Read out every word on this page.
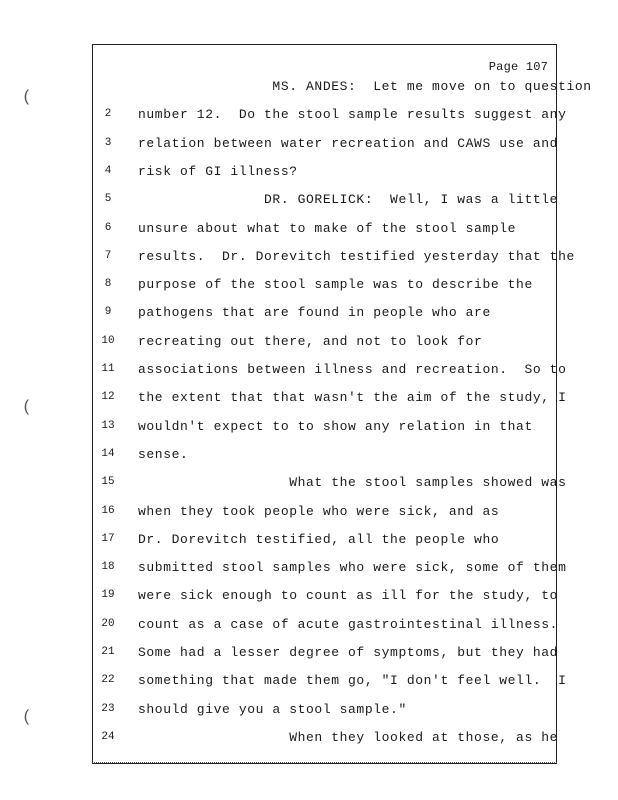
Page 107
(
(
(
MS. ANDES:  Let me move on to question
2	number 12.  Do the stool sample results suggest any
3	relation between water recreation and CAWS use and
4	risk of GI illness?
5	DR. GORELICK:  Well, I was a little
6	unsure about what to make of the stool sample
7	results.  Dr. Dorevitch testified yesterday that the
8	purpose of the stool sample was to describe the
9	pathogens that are found in people who are
10	recreating out there, and not to look for
11	associations between illness and recreation.  So to
12	the extent that that wasn't the aim of the study, I
13	wouldn't expect to to show any relation in that
14	sense.
15	What the stool samples showed was
16	when they took people who were sick, and as
17	Dr. Dorevitch testified, all the people who
18	submitted stool samples who were sick, some of them
19	were sick enough to count as ill for the study, to
20	count as a case of acute gastrointestinal illness.
21	Some had a lesser degree of symptoms, but they had
22	something that made them go, "I don't feel well.  I
23	should give you a stool sample."
24	When they looked at those, as he
